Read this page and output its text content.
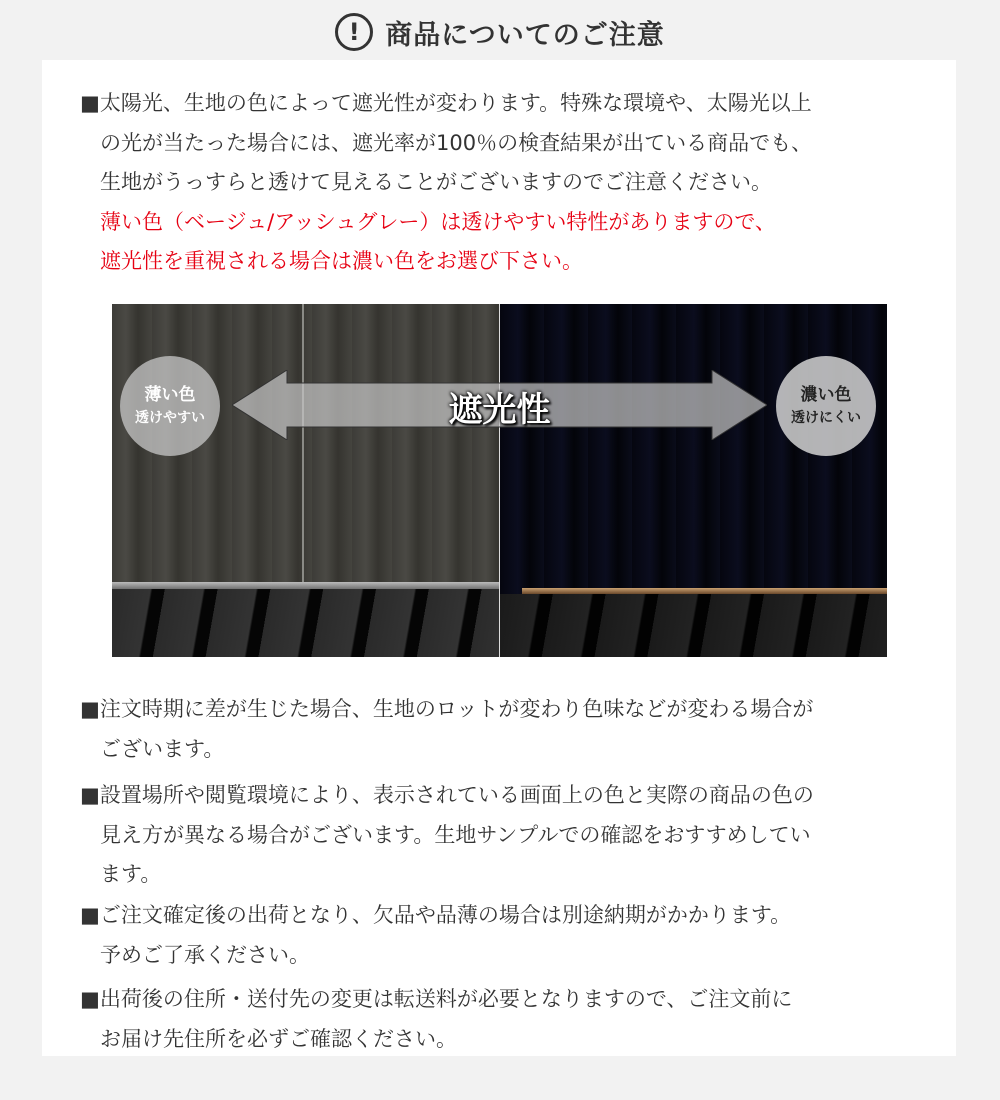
! 商品についてのご注意
■太陽光、生地の色によって遮光性が変わります。特殊な環境や、太陽光以上
の光が当たった場合には、遮光率が100％の検査結果が出ている商品でも、
生地がうっすらと透けて見えることがございますのでご注意ください。
薄い色（ベージュ/アッシュグレー）は透けやすい特性がありますので、
遮光性を重視される場合は濃い色をお選び下さい。
遮光性
薄い色
透けやすい
濃い色
透けにくい
■注文時期に差が生じた場合、生地のロットが変わり色味などが変わる場合が
ございます。
■設置場所や閲覧環境により、表示されている画面上の色と実際の商品の色の
見え方が異なる場合がございます。生地サンプルでの確認をおすすめしてい
ます。
■ご注文確定後の出荷となり、欠品や品薄の場合は別途納期がかかります。
予めご了承ください。
■出荷後の住所・送付先の変更は転送料が必要となりますので、ご注文前に
お届け先住所を必ずご確認ください。
